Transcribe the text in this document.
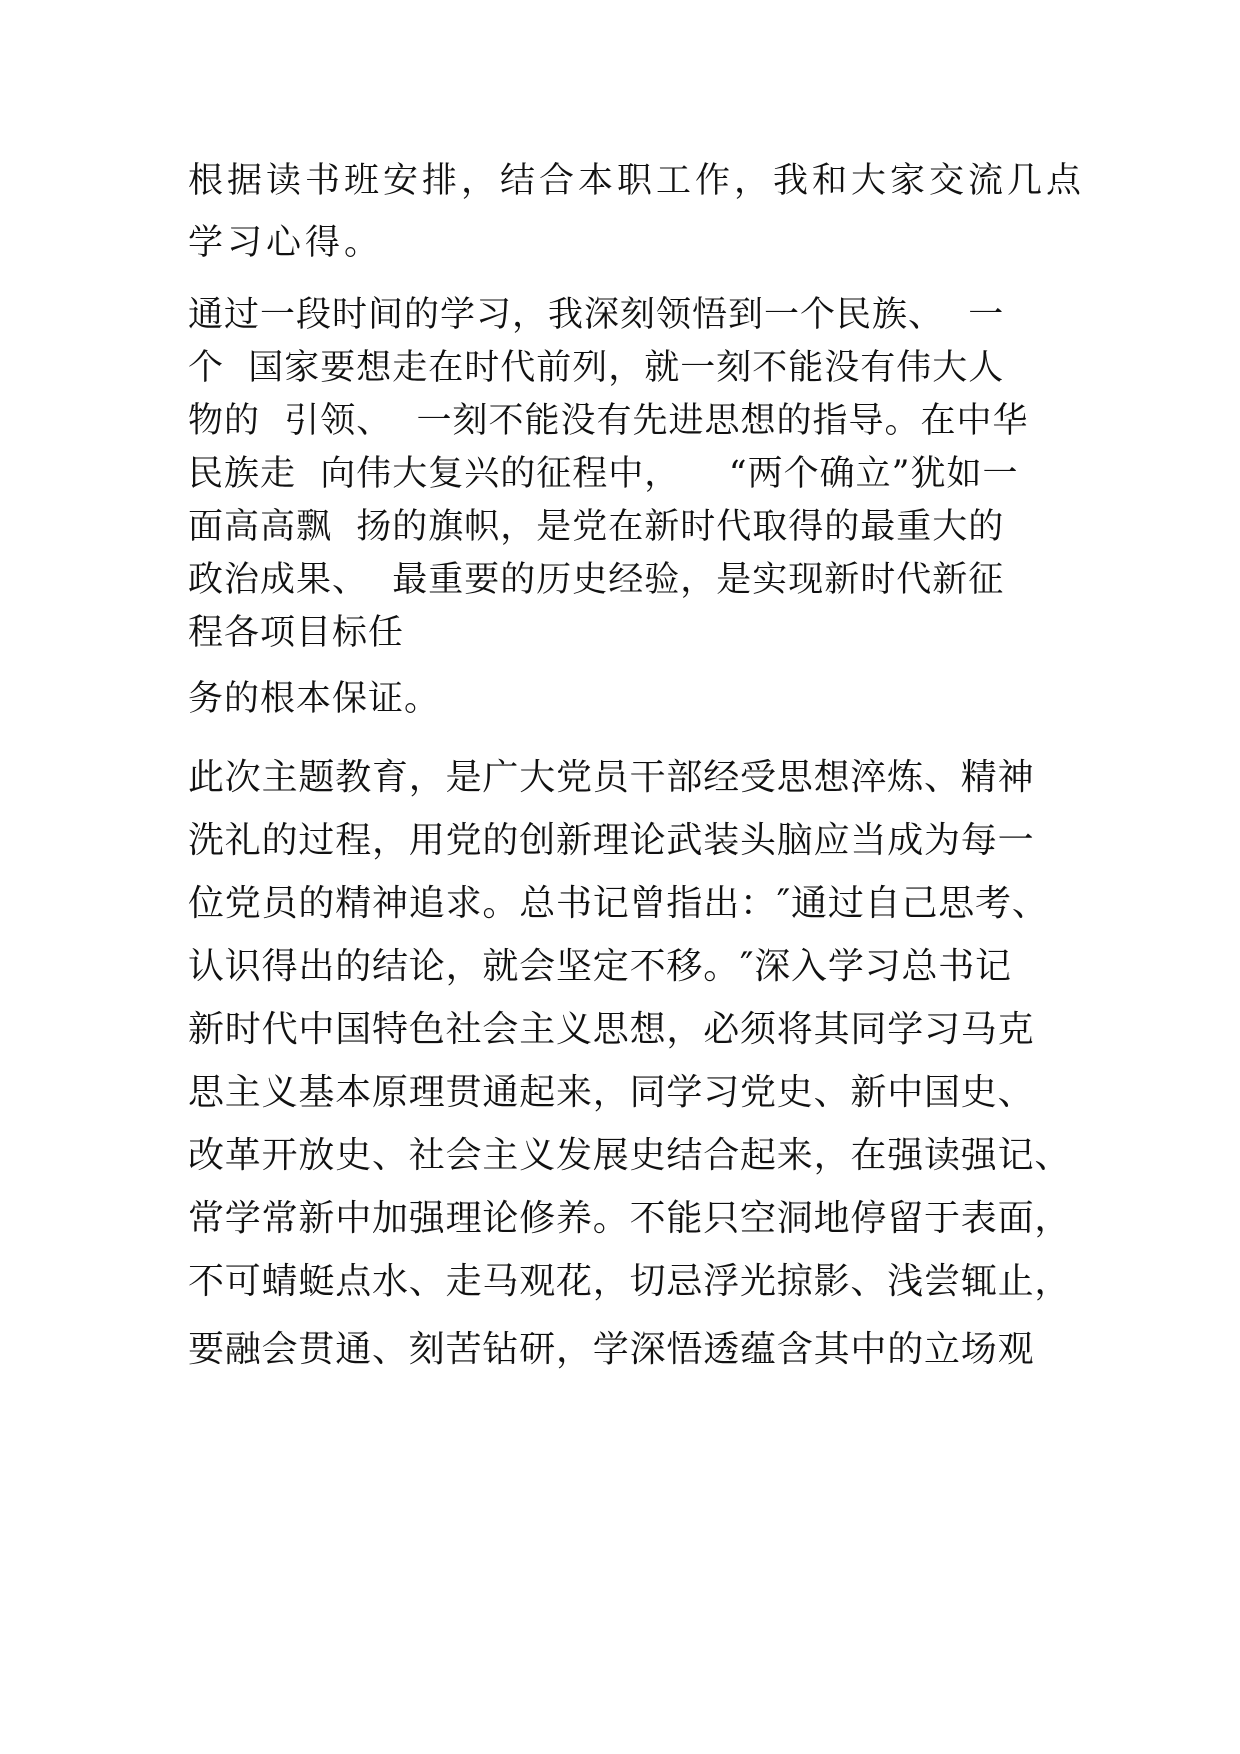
根据读书班安排，结合本职工作，我和大家交流几点

学习心得。

通过一段时间的学习，我深刻领悟到一个民族、  一

个  国家要想走在时代前列，就一刻不能没有伟大人

物的  引领、  一刻不能没有先进思想的指导。在中华

民族走  向伟大复兴的征程中，    “两个确立”犹如一

面高高飘  扬的旗帜，是党在新时代取得的最重大的

政治成果、  最重要的历史经验，是实现新时代新征

程各项目标任

务的根本保证。

此次主题教育，是广大党员干部经受思想淬炼、精神

洗礼的过程，用党的创新理论武装头脑应当成为每一

位党员的精神追求。总书记曾指出：″通过自己思考、

认识得出的结论，就会坚定不移。″深入学习总书记

新时代中国特色社会主义思想，必须将其同学习马克

思主义基本原理贯通起来，同学习党史、新中国史、

改革开放史、社会主义发展史结合起来，在强读强记、

常学常新中加强理论修养。不能只空洞地停留于表面，

不可蜻蜓点水、走马观花，切忌浮光掠影、浅尝辄止，

要融会贯通、刻苦钻研，学深悟透蕴含其中的立场观
